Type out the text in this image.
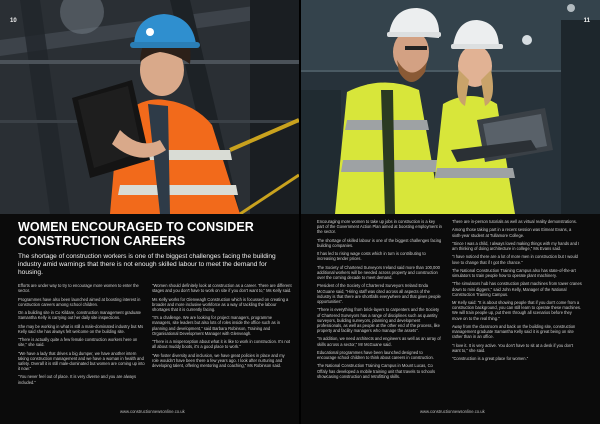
10	11
WOMEN ENCOURAGED TO CONSIDER CONSTRUCTION CAREERS

The shortage of construction workers is one of the biggest challenges facing the building industry amid warnings that there is not enough skilled labour to meet the demand for housing.

Efforts are under way to try to encourage more women to enter the sector.

Programmes have also been launched aimed at boosting interest in construction careers among school children.

On a building site in Co Kildare, construction management graduate Samantha Kelly is carrying out her daily site inspections.

She may be working in what is still a male-dominated industry but Ms Kelly said she has always felt welcome on the building site.

"There is actually quite a few female construction workers here on site," she said.

"We have a lady that drives a big dumper, we have another intern taking construction management and we have a woman in health and safety. Overall it is still male-dominated but women are coming up into it now."

"You never feel out of place. It is very diverse and you are always included."

"Women should definitely look at construction as a career. There are different stages and you don't have to work on site if you don't want to," Ms Kelly said.

Ms Kelly works for Glenveagh Construction which is focussed on creating a broader and more inclusive workforce as a way of tackling the labour shortages that it is currently facing.

"It's a challenge. We are looking for project managers, programme managers, site leaders but also lots of roles inside the office such as in planning and development," said Barbara Robinson, Training and Organisational Development Manager with Glenveagh.

"There is a misperception about what it is like to work in construction. It's not all about muddy boots, it's a good place to work."

"We foster diversity and inclusion, we have great policies in place and my role wouldn't have been there a few years ago. I look after nurturing and developing talent, offering mentoring and coaching," Ms Robinson said.

Encouraging more women to take up jobs in construction is a key part of the Government Action Plan aimed at boosting employment in the sector.

The shortage of skilled labour is one of the biggest challenges facing building companies.

It has led to rising wage costs which in turn is contributing to increasing tender prices.

The Society of Chartered Surveyors Ireland said more than 100,000 additional workers will be needed across property and construction over the coming decade to meet demand.

President of the Society of Chartered Surveyors Ireland Enda McGuane said, "Hiring staff was cited across all aspects of the industry is that there are shortfalls everywhere and that gives people opportunities".

"There is everything from brick-layers to carpenters and the Society of Chartered Surveyors has a range of disciplines such as quantity surveyors, building surveyors, planning and development professionals, as well as people at the other end of the process, like property and facility managers who manage the assets".

"In addition, we need architects and engineers as well as an array of skills across a sector," Mr McGuane said.

Educational programmes have been launched designed to encourage school children to think about careers in construction.

The National Construction Training Campus in Mount Lucas, Co Offaly has developed a mobile training unit that travels to schools showcasing construction and retrofitting skills.

There are in-person tutorials as well as virtual reality demonstrations.

Among those taking part in a recent session was Eimear Evans, a sixth-year student at Tullamore College.

"Since I was a child, I always loved making things with my hands and I am thinking of doing architecture in college," Ms Evans said.

"I have noticed there are a lot of more men in construction but I would love to change that if I got the chance."

The National Construction Training Campus also has state-of-the-art simulators to train people how to operate plant machinery.

"The simulators hub has construction plant machines from tower cranes down to mini diggers," said John Kelly, Manager of the National Construction Training Campus.

Mr Kelly said: "It is about showing people that if you don't come from a construction background, you can still learn to operate these machines. We will train people up, put them through all scenarios before they move on to the real thing."

Away from the classroom and back on the building site, construction management graduate Samantha Kelly said it is great being on site rather than in an office.

"I love it. It is very active. You don't have to sit at a desk if you don't want to," she said.

"Construction is a great place for women."

www.constructionnewsonline.co.uk	www.constructionnewsonline.co.uk
